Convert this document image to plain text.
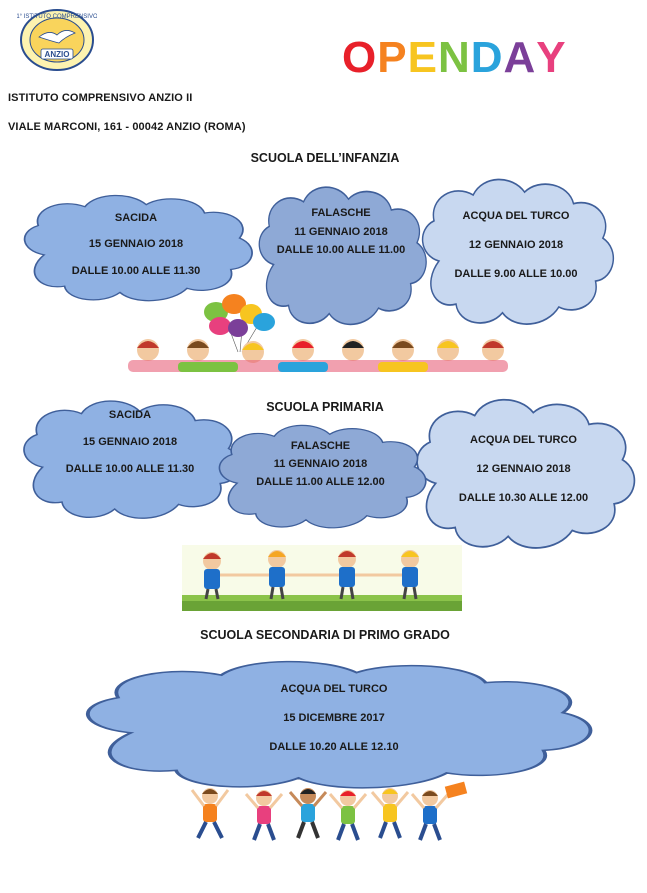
ANZIO
1° ISTITUTO COMPRENSIVO
OPENDAY
ISTITUTO COMPRENSIVO ANZIO II
VIALE MARCONI, 161 - 00042 ANZIO (ROMA)
SCUOLA DELL’INFANZIA
SACIDA
15 GENNAIO 2018
DALLE 10.00 ALLE 11.30
ACQUA DEL TURCO
12 GENNAIO 2018
DALLE 9.00 ALLE 10.00
FALASCHE
11 GENNAIO 2018
DALLE 10.00 ALLE 11.00
SCUOLA PRIMARIA
SACIDA
15 GENNAIO 2018
DALLE 10.00 ALLE 11.30
ACQUA DEL TURCO
12 GENNAIO 2018
DALLE 10.30 ALLE 12.00
FALASCHE
11 GENNAIO 2018
DALLE 11.00 ALLE 12.00
SCUOLA SECONDARIA DI PRIMO GRADO
ACQUA DEL TURCO
15 DICEMBRE 2017
DALLE 10.20 ALLE 12.10
